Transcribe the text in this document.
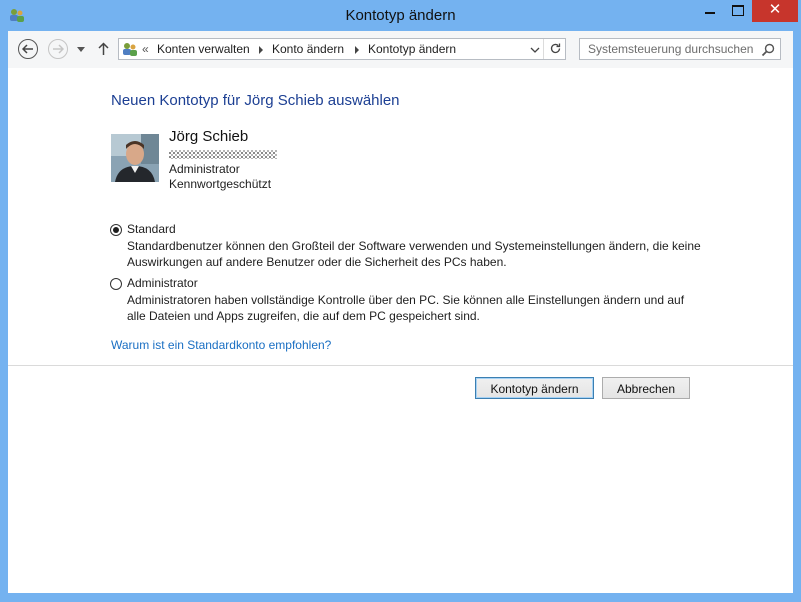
Kontotyp ändern	✕
« Konten verwalten Konto ändern Kontotyp ändern
Systemsteuerung durchsuchen
Neuen Kontotyp für Jörg Schieb auswählen
Jörg Schieb
Administrator
Kennwortgeschützt
Standard
Standardbenutzer können den Großteil der Software verwenden und Systemeinstellungen ändern, die keine
Auswirkungen auf andere Benutzer oder die Sicherheit des PCs haben.
Administrator
Administratoren haben vollständige Kontrolle über den PC. Sie können alle Einstellungen ändern und auf
alle Dateien und Apps zugreifen, die auf dem PC gespeichert sind.
Warum ist ein Standardkonto empfohlen?
Kontotyp ändern	Abbrechen
